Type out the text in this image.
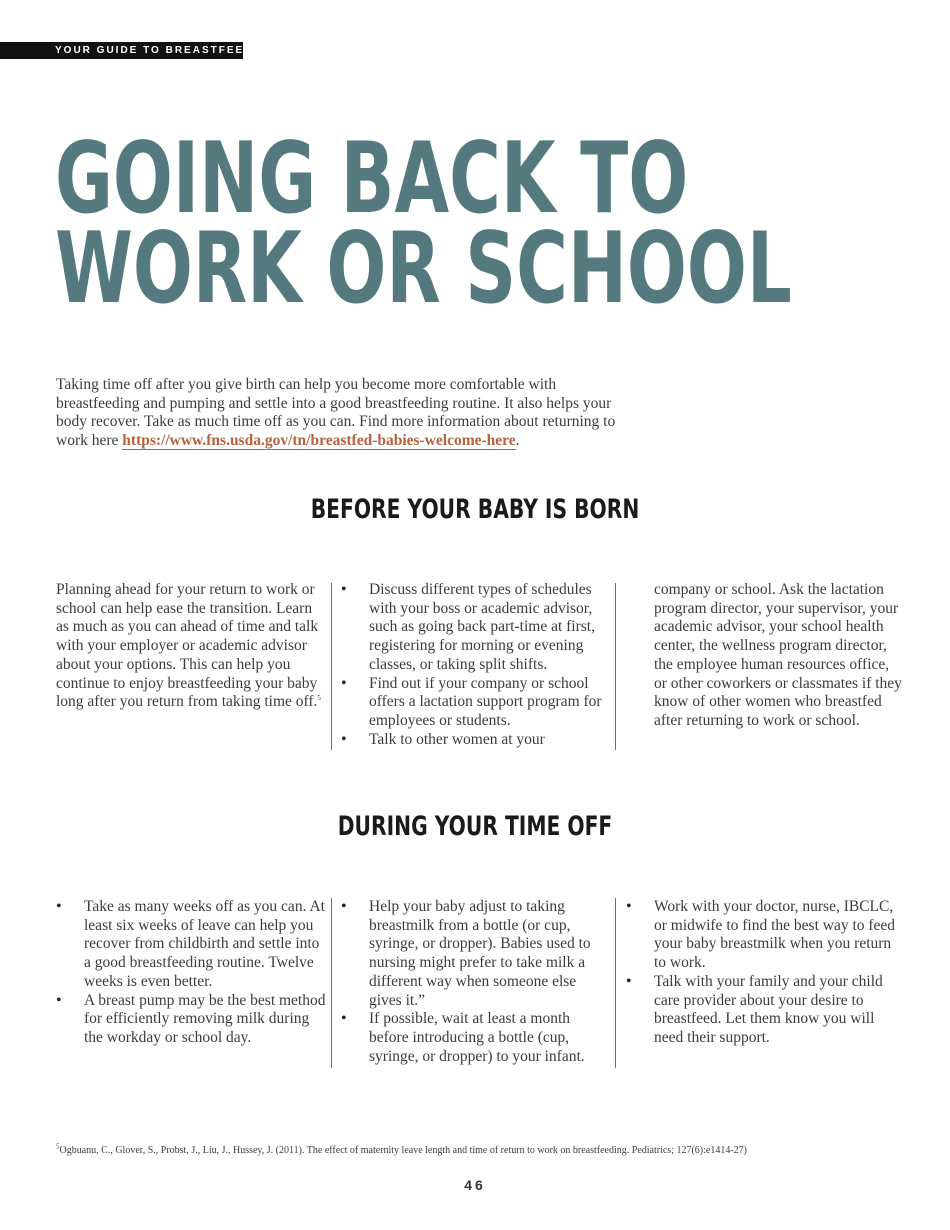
YOUR GUIDE TO BREASTFEEDING
GOING BACK TO
WORK OR SCHOOL

Taking time off after you give birth can help you become more comfortable with breastfeeding and pumping and settle into a good breastfeeding routine. It also helps your body recover. Take as much time off as you can. Find more information about returning to work here https://www.fns.usda.gov/tn/breastfed-babies-welcome-here.

BEFORE YOUR BABY IS BORN

Planning ahead for your return to work or school can help ease the transition. Learn as much as you can ahead of time and talk with your employer or academic advisor about your options. This can help you continue to enjoy breastfeeding your baby long after you return from taking time off.$^5$

• Discuss different types of schedules with your boss or academic advisor, such as going back part-time at first, registering for morning or evening classes, or taking split shifts.
• Find out if your company or school offers a lactation support program for employees or students.
• Talk to other women at your

company or school. Ask the lactation program director, your supervisor, your academic advisor, your school health center, the wellness program director, the employee human resources office, or other coworkers or classmates if they know of other women who breastfed after returning to work or school.

DURING YOUR TIME OFF
• Take as many weeks off as you can. At least six weeks of leave can help you recover from childbirth and settle into a good breastfeeding routine. Twelve weeks is even better.
• A breast pump may be the best method for efficiently removing milk during the workday or school day.
• Help your baby adjust to taking breastmilk from a bottle (or cup, syringe, or dropper). Babies used to nursing might prefer to take milk a different way when someone else gives it.”
• If possible, wait at least a month before introducing a bottle (cup, syringe, or dropper) to your infant.
• Work with your doctor, nurse, IBCLC, or midwife to find the best way to feed your baby breastmilk when you return to work.
• Talk with your family and your child care provider about your desire to breastfeed. Let them know you will need their support.
$^5$Ogbuanu, C., Glover, S., Probst, J., Liu, J., Hussey, J. (2011). The effect of maternity leave length and time of return to work on breastfeeding. Pediatrics; 127(6):e1414-27)
46
